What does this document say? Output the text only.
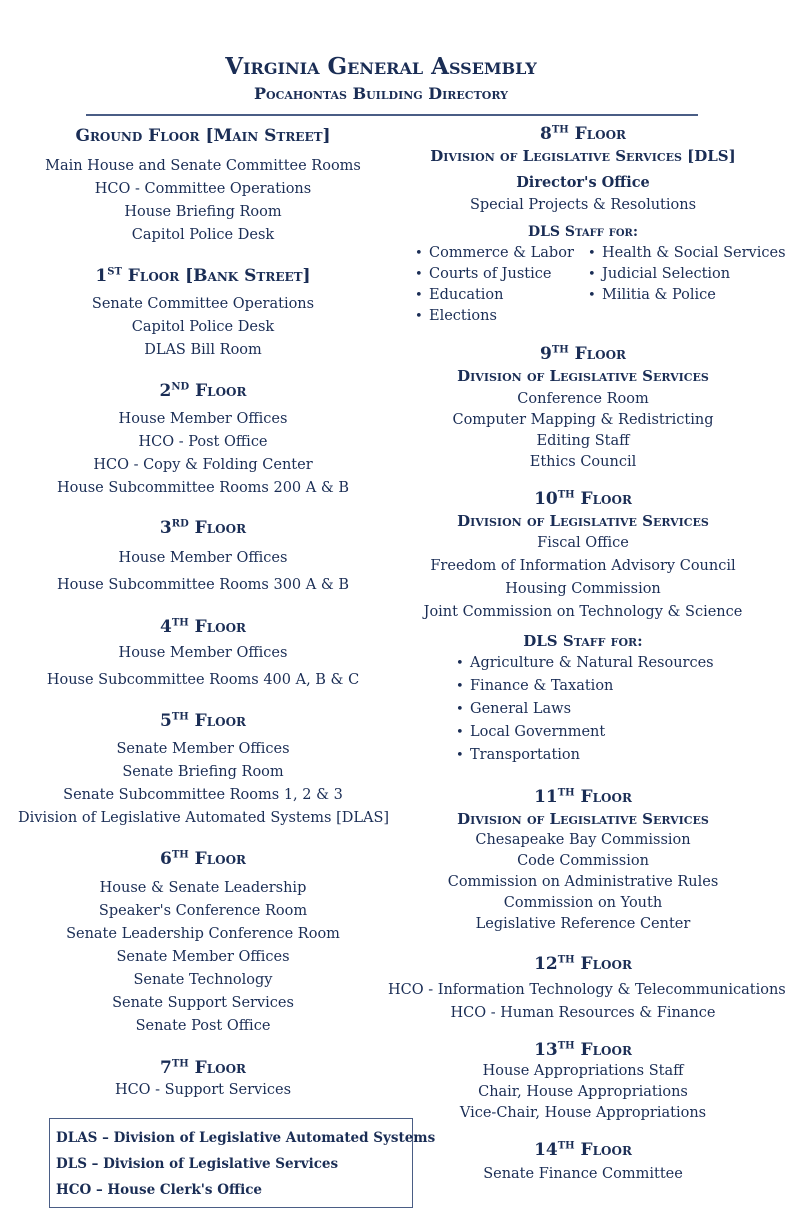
Virginia General Assembly
Pocahontas Building Directory
Ground Floor [Main Street]
Main House and Senate Committee Rooms
HCO - Committee Operations
House Briefing Room
Capitol Police Desk
1ST Floor [Bank Street]
Senate Committee Operations
Capitol Police Desk
DLAS Bill Room
2ND Floor
House Member Offices
HCO - Post Office
HCO - Copy & Folding Center
House Subcommittee Rooms 200 A & B
3RD Floor
House Member Offices
House Subcommittee Rooms 300 A & B
4TH Floor
House Member Offices
House Subcommittee Rooms 400 A, B & C
5TH Floor
Senate Member Offices
Senate Briefing Room
Senate Subcommittee Rooms 1, 2 & 3
Division of Legislative Automated Systems [DLAS]
6TH Floor
House & Senate Leadership
Speaker's Conference Room
Senate Leadership Conference Room
Senate Member Offices
Senate Technology
Senate Support Services
Senate Post Office
7TH Floor
HCO - Support Services
DLAS – Division of Legislative Automated Systems
DLS – Division of Legislative Services
HCO – House Clerk's Office
8TH Floor
Division of Legislative Services [DLS]
Director's Office
Special Projects & Resolutions
DLS Staff for:
• Commerce & Labor
• Courts of Justice
• Education
• Elections
• Health & Social Services
• Judicial Selection
• Militia & Police
9TH Floor
Division of Legislative Services
Conference Room
Computer Mapping & Redistricting
Editing Staff
Ethics Council
10TH Floor
Division of Legislative Services
Fiscal Office
Freedom of Information Advisory Council
Housing Commission
Joint Commission on Technology & Science
DLS Staff for:
• Agriculture & Natural Resources
• Finance & Taxation
• General Laws
• Local Government
• Transportation
11TH Floor
Division of Legislative Services
Chesapeake Bay Commission
Code Commission
Commission on Administrative Rules
Commission on Youth
Legislative Reference Center
12TH Floor
HCO - Information Technology & Telecommunications
HCO - Human Resources & Finance
13TH Floor
House Appropriations Staff
Chair, House Appropriations
Vice-Chair, House Appropriations
14TH Floor
Senate Finance Committee
